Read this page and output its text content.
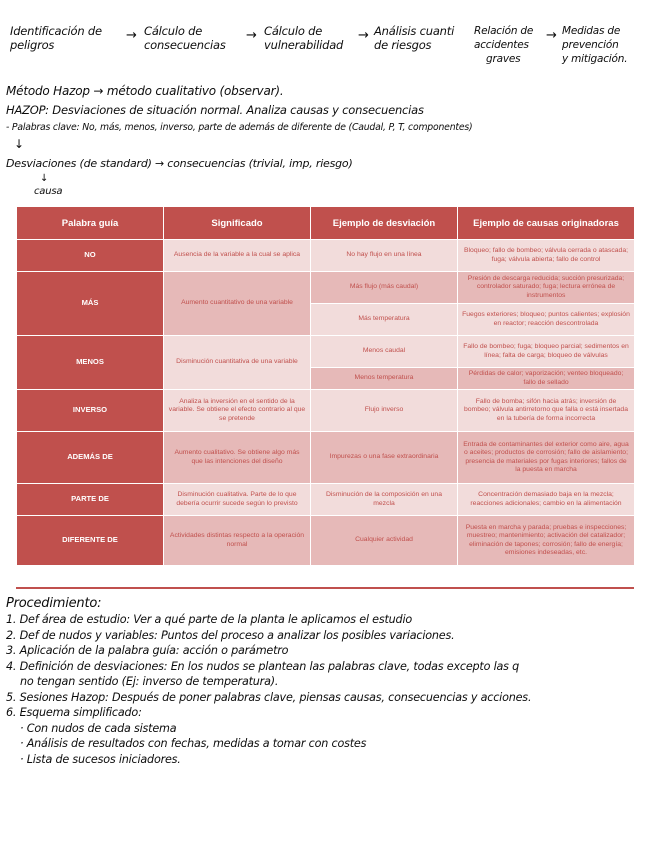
Identificación de
peligros
→ Cálculo de
consecuencias
→ Cálculo de
vulnerabilidad
→ Análisis cuanti
de riesgos
Relación de
accidentes
graves
→ Medidas de
prevención
y mitigación.
Método Hazop → método cualitativo (observar).
HAZOP: Desviaciones de situación normal. Analiza causas y consecuencias
- Palabras clave: No, más, menos, inverso, parte de además de diferente de (Caudal, P, T, componentes)
↓
Desviaciones (de standard) → consecuencias (trivial, imp, riesgo)
↓
causa
Palabra guía	Significado	Ejemplo de desviación	Ejemplo de causas originadoras
NO	Ausencia de la variable a la cual se aplica	No hay flujo en una línea	Bloqueo; fallo de bombeo; válvula cerrada o atascada; fuga; válvula abierta; fallo de control
MÁS	Aumento cuantitativo de una variable	Más flujo (más caudal)	Presión de descarga reducida; succión presurizada; controlador saturado; fuga; lectura errónea de instrumentos
		Más temperatura	Fuegos exteriores; bloqueo; puntos calientes; explosión en reactor; reacción descontrolada
MENOS	Disminución cuantitativa de una variable	Menos caudal	Fallo de bombeo; fuga; bloqueo parcial; sedimentos en línea; falta de carga; bloqueo de válvulas
		Menos temperatura	Pérdidas de calor; vaporización; venteo bloqueado; fallo de sellado
INVERSO	Analiza la inversión en el sentido de la variable. Se obtiene el efecto contrario al que se pretende	Flujo inverso	Fallo de bomba; sifón hacia atrás; inversión de bombeo; válvula antirretorno que falla o está insertada en la tubería de forma incorrecta
ADEMÁS DE	Aumento cualitativo. Se obtiene algo más que las intenciones del diseño	Impurezas o una fase extraordinaria	Entrada de contaminantes del exterior como aire, agua o aceites; productos de corrosión; fallo de aislamiento; presencia de materiales por fugas interiores; fallos de la puesta en marcha
PARTE DE	Disminución cualitativa. Parte de lo que debería ocurrir sucede según lo previsto	Disminución de la composición en una mezcla	Concentración demasiado baja en la mezcla; reacciones adicionales; cambio en la alimentación
DIFERENTE DE	Actividades distintas respecto a la operación normal	Cualquier actividad	Puesta en marcha y parada; pruebas e inspecciones; muestreo; mantenimiento; activación del catalizador; eliminación de tapones; corrosión; fallo de energía; emisiones indeseadas, etc.
Procedimiento:
1. Def área de estudio: Ver a qué parte de la planta le aplicamos el estudio
2. Def de nudos y variables: Puntos del proceso a analizar los posibles variaciones.
3. Aplicación de la palabra guía: acción o parámetro
4. Definición de desviaciones: En los nudos se plantean las palabras clave, todas excepto las q
no tengan sentido (Ej: inverso de temperatura).
5. Sesiones Hazop: Después de poner palabras clave, piensas causas, consecuencias y acciones.
6. Esquema simplificado:
· Con nudos de cada sistema
· Análisis de resultados con fechas, medidas a tomar con costes
· Lista de sucesos iniciadores.
